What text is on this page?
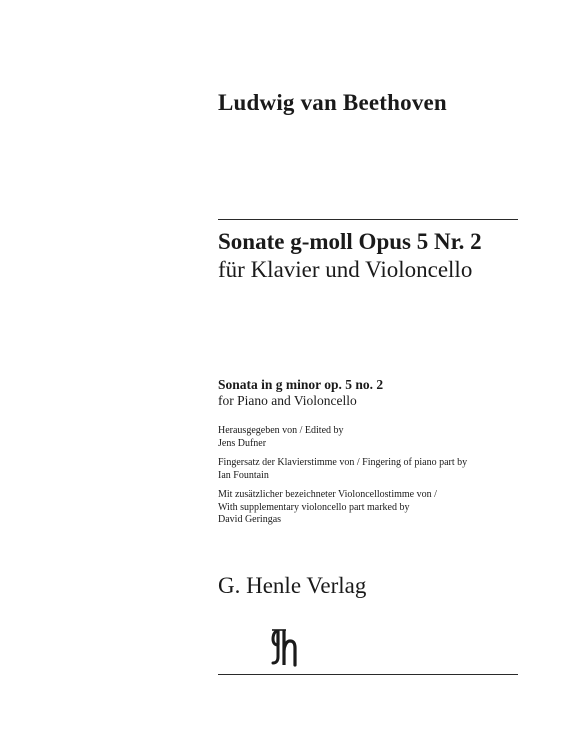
Ludwig van Beethoven
Sonate g-moll Opus 5 Nr. 2
für Klavier und Violoncello
Sonata in g minor op. 5 no. 2
for Piano and Violoncello
Herausgegeben von / Edited by
Jens Dufner
Fingersatz der Klavierstimme von / Fingering of piano part by
Ian Fountain
Mit zusätzlicher bezeichneter Violoncellostimme von /
With supplementary violoncello part marked by
David Geringas
G. Henle Verlag
